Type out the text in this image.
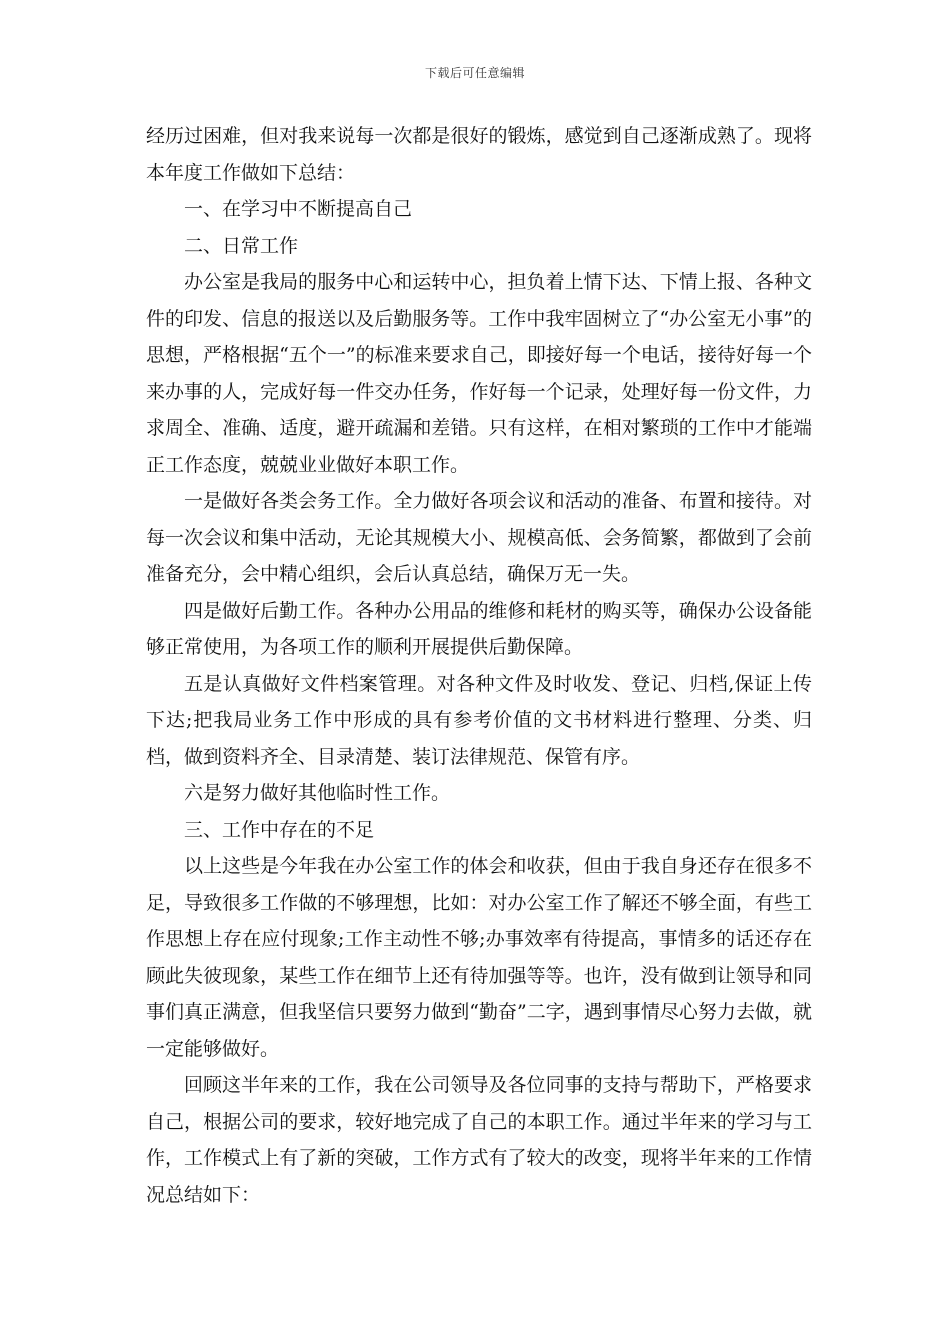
下载后可任意编辑

经历过困难，但对我来说每一次都是很好的锻炼，感觉到自己逐渐成熟了。现将本年度工作做如下总结：

一、在学习中不断提高自己

二、日常工作

办公室是我局的服务中心和运转中心，担负着上情下达、下情上报、各种文件的印发、信息的报送以及后勤服务等。工作中我牢固树立了“办公室无小事”的思想，严格根据“五个一”的标准来要求自己，即接好每一个电话，接待好每一个来办事的人，完成好每一件交办任务，作好每一个记录，处理好每一份文件，力求周全、准确、适度，避开疏漏和差错。只有这样，在相对繁琐的工作中才能端正工作态度，兢兢业业做好本职工作。

一是做好各类会务工作。全力做好各项会议和活动的准备、布置和接待。对每一次会议和集中活动，无论其规模大小、规模高低、会务简繁，都做到了会前准备充分，会中精心组织，会后认真总结，确保万无一失。

四是做好后勤工作。各种办公用品的维修和耗材的购买等，确保办公设备能够正常使用，为各项工作的顺利开展提供后勤保障。

五是认真做好文件档案管理。对各种文件及时收发、登记、归档,保证上传下达;把我局业务工作中形成的具有参考价值的文书材料进行整理、分类、归档，做到资料齐全、目录清楚、装订法律规范、保管有序。

六是努力做好其他临时性工作。

三、工作中存在的不足

以上这些是今年我在办公室工作的体会和收获，但由于我自身还存在很多不足，导致很多工作做的不够理想，比如：对办公室工作了解还不够全面，有些工作思想上存在应付现象;工作主动性不够;办事效率有待提高，事情多的话还存在顾此失彼现象，某些工作在细节上还有待加强等等。也许，没有做到让领导和同事们真正满意，但我坚信只要努力做到“勤奋”二字，遇到事情尽心努力去做，就一定能够做好。

回顾这半年来的工作，我在公司领导及各位同事的支持与帮助下，严格要求自己，根据公司的要求，较好地完成了自己的本职工作。通过半年来的学习与工作，工作模式上有了新的突破，工作方式有了较大的改变，现将半年来的工作情况总结如下：
